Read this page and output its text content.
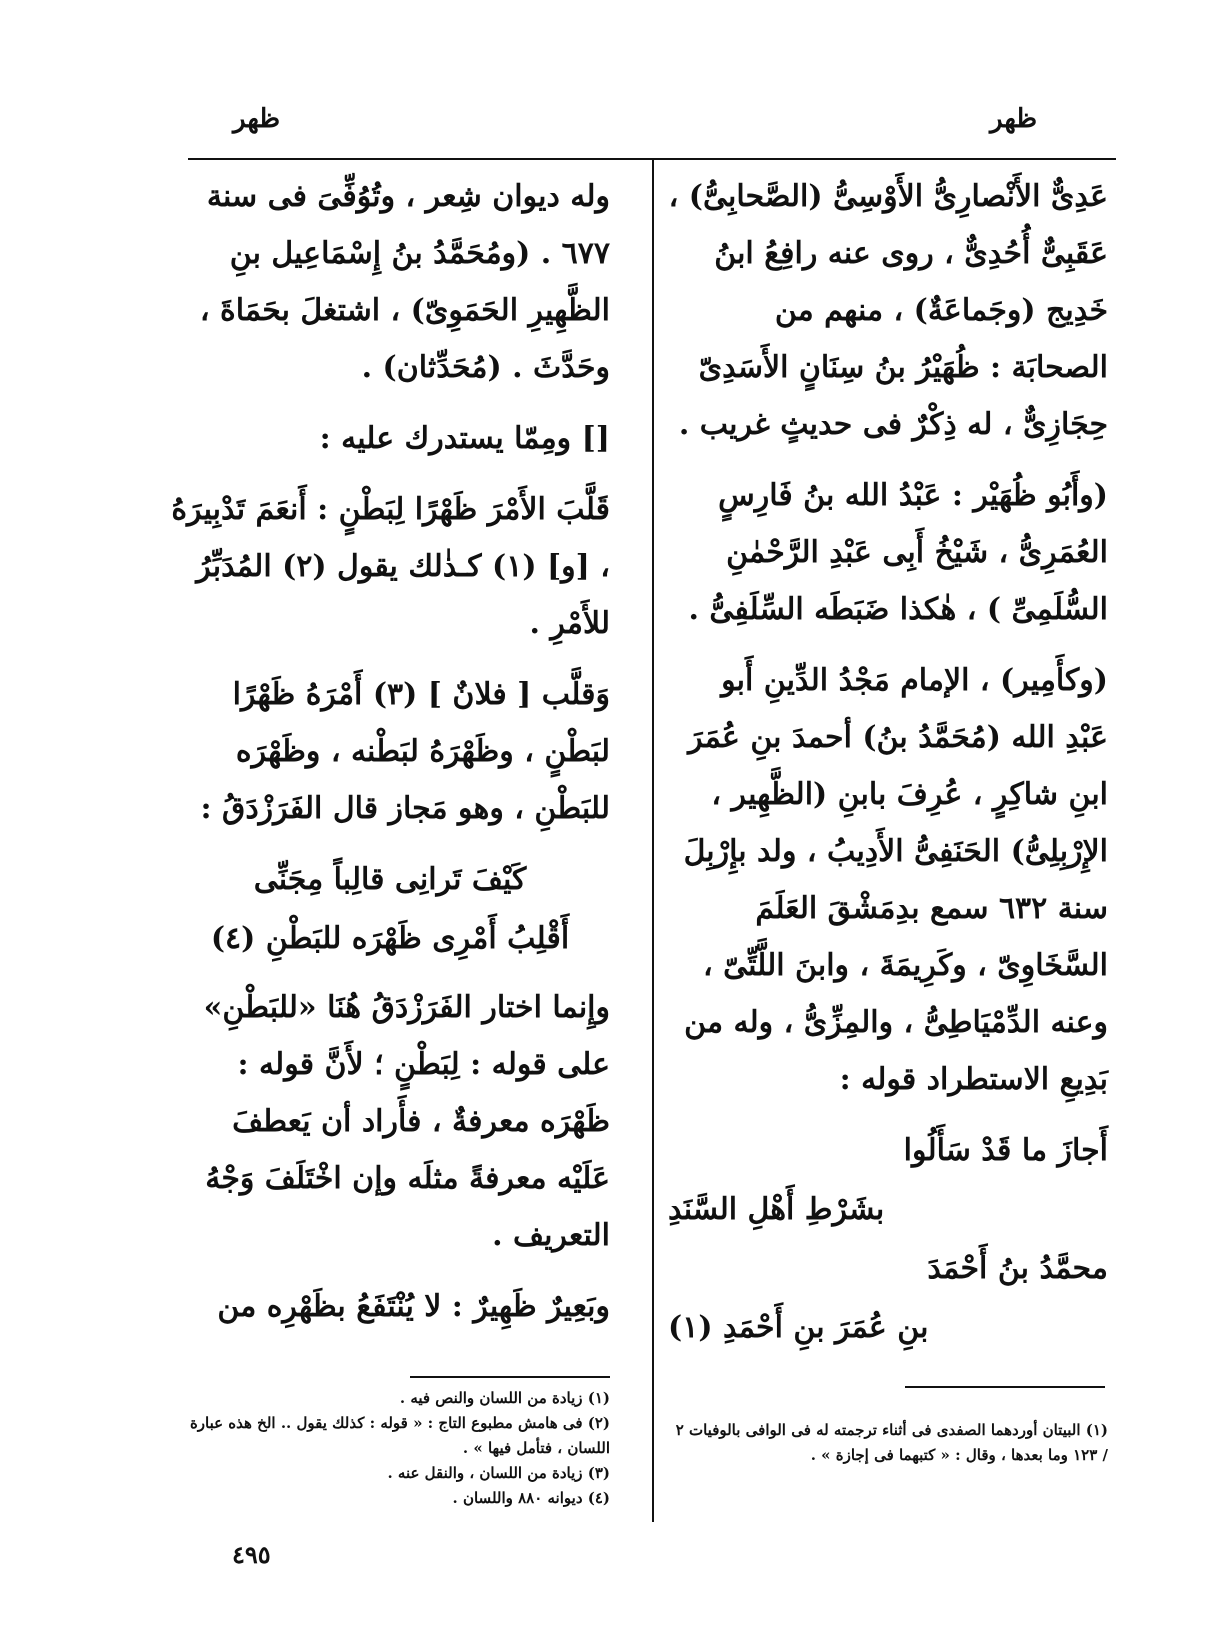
ظهر	ظهر

عَدِىٌّ الأَنْصارِىُّ الأَوْسِىُّ (الصَّحابِىُّ) ، عَقَبِىٌّ أُحُدِىٌّ ، روى عنه رافِعُ ابنُ خَدِيج (وجَماعَةٌ) ، منهم من الصحابَة : ظُهَيْرُ بنُ سِنَانٍ الأَسَدِىّ حِجَازِىٌّ ، له ذِكْرٌ فى حديثٍ غريب .

(وأَبُو ظُهَيْر : عَبْدُ الله بنُ فَارِسٍ العُمَرِىُّ ، شَيْخُ أَبِى عَبْدِ الرَّحْمٰنِ السُّلَمِىِّ ) ، هٰكذا ضَبَطَه السِّلَفِىُّ .

(وكأَمِير) ، الإمام مَجْدُ الدِّينِ أَبو عَبْدِ الله (مُحَمَّدُ بنُ) أحمدَ بنِ عُمَرَ ابنِ شاكِرٍ ، عُرِفَ بابنِ (الظَّهِير ، الإِرْبِلِىُّ) الحَنَفِىُّ الأَدِيبُ ، ولد بإِرْبِلَ سنة ٦٣٢ سمع بدِمَشْقَ العَلَمَ السَّخَاوِىّ ، وكَرِيمَةَ ، وابنَ اللَّتِّىّ ، وعنه الدِّمْيَاطِىُّ ، والمِزِّىُّ ، وله من بَدِيعِ الاستطراد قوله :

أَجازَ ما قَدْ سَأَلُوا
بشَرْطِ أَهْلِ السَّنَدِ
محمَّدُ بنُ أَحْمَدَ
بنِ عُمَرَ بنِ أَحْمَدِ (١)

وله ديوان شِعر ، وتُوُفِّىَ فى سنة ٦٧٧ . (ومُحَمَّدُ بنُ إِسْمَاعِيل بنِ الظَّهِيرِ الحَمَوِىّ) ، اشتغلَ بحَمَاةَ ، وحَدَّثَ . (مُحَدِّثان) .

[] ومِمّا يستدرك عليه :

قَلَّبَ الأَمْرَ ظَهْرًا لِبَطْنٍ : أَنعَمَ تَدْبِيرَهُ ، [و] (١) كـذٰلك يقول (٢) المُدَبِّرُ للأَمْرِ .

وَقلَّب [ فلانٌ ] (٣) أَمْرَهُ ظَهْرًا لبَطْنٍ ، وظَهْرَهُ لبَطْنه ، وظَهْرَه للبَطْنِ ، وهو مَجاز قال الفَرَزْدَقُ :

كَيْفَ تَرانِى قالِباً مِجَنِّى
أَقْلِبُ أَمْرِى ظَهْرَه للبَطْنِ (٤)

وإِنما اختار الفَرَزْدَقُ هُنَا «للبَطْنِ» على قوله : لِبَطْنٍ ؛ لأَنَّ قوله : ظَهْرَه معرفةٌ ، فأَراد أن يَعطفَ عَلَيْه معرفةً مثلَه وإن اخْتَلَفَ وَجْهُ التعريف .

وبَعِيرٌ ظَهِيرٌ : لا يُنْتَفَعُ بظَهْرِه من

(١) زيادة من اللسان والنص فيه .
(٢) فى هامش مطبوع التاج : « قوله : كذلك يقول .. الخ هذه عبارة اللسان ، فتأمل فيها » .
(٣) زيادة من اللسان ، والنقل عنه .
(٤) ديوانه ٨٨٠ واللسان .
(١) البيتان أوردهما الصفدى فى أثناء ترجمته له فى الوافى بالوفيات ٢ / ١٢٣ وما بعدها ، وقال : « كتبهما فى إجازة » .
٤٩٥
